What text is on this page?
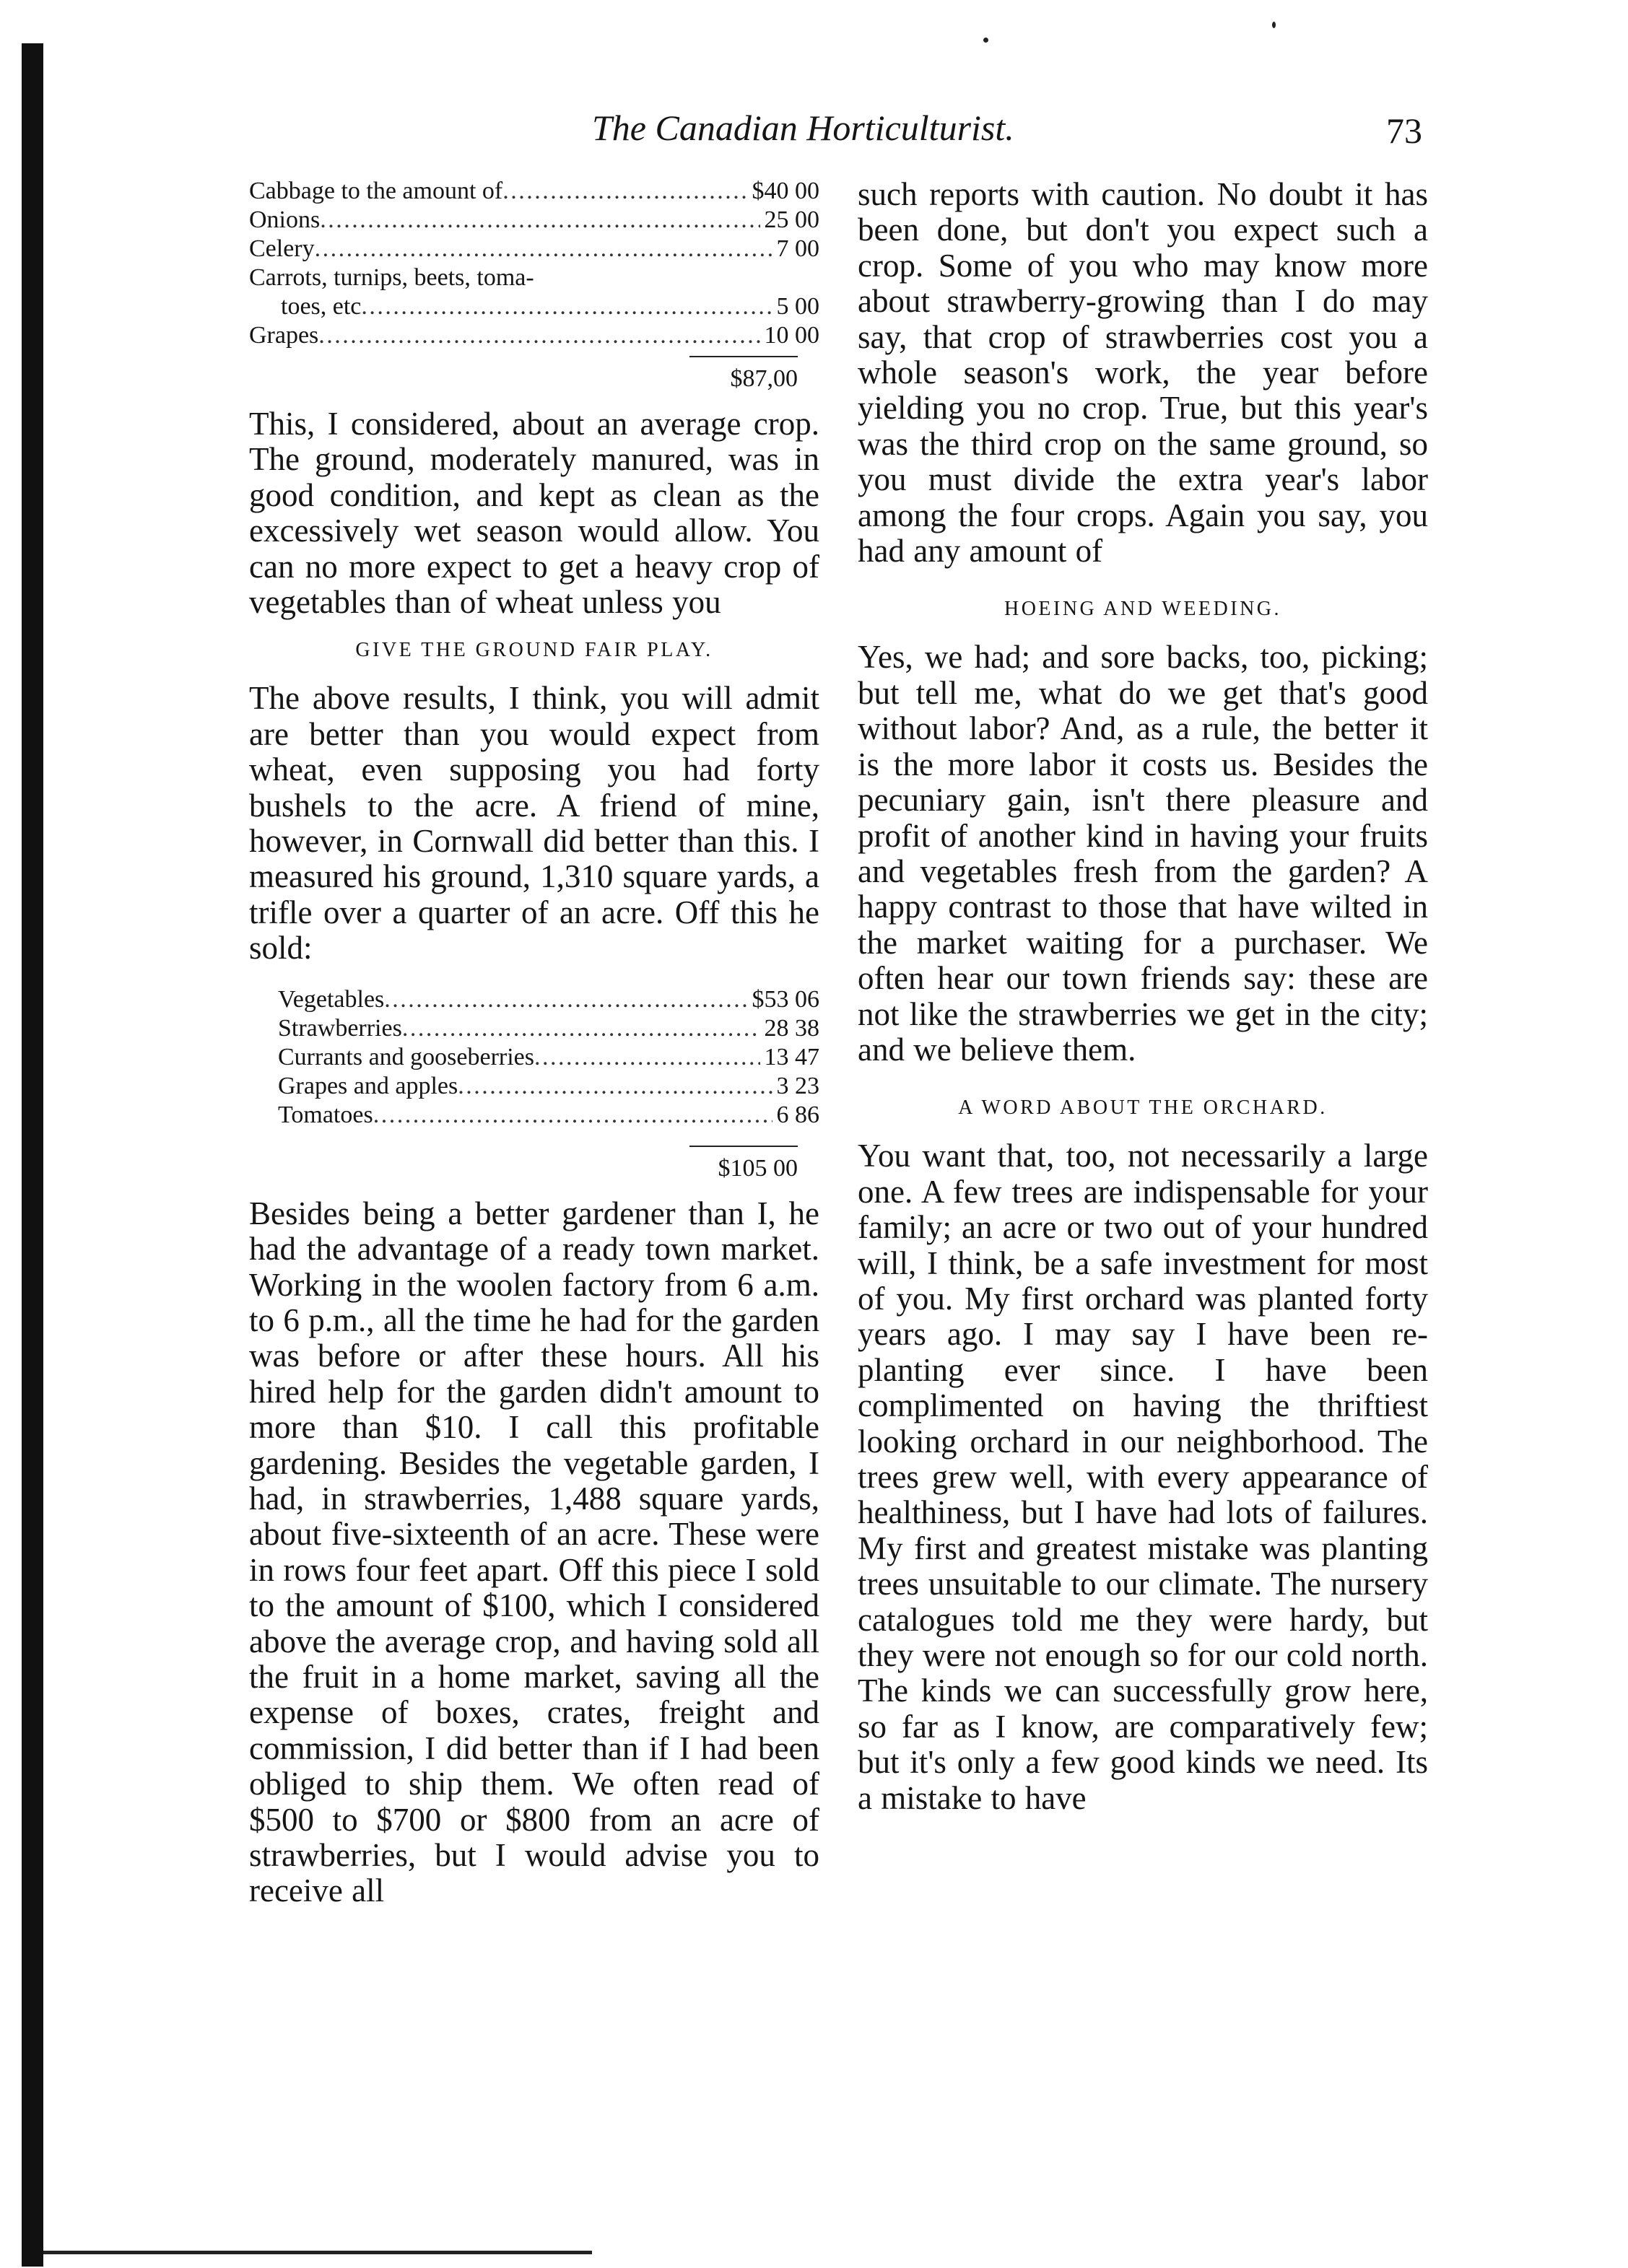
The Canadian Horticulturist.	73
Cabbage to the amount of . . .	$40 00
Onions . . .	25 00
Celery . . .	7 00
Carrots, turnips, beets, toma-
toes, etc . . .	5 00
Grapes . . .	10 00
$87,00

This, I considered, about an average crop. The ground, moderately manured, was in good condition, and kept as clean as the excessively wet season would allow. You can no more expect to get a heavy crop of vegetables than of wheat unless you

GIVE THE GROUND FAIR PLAY.

The above results, I think, you will admit are better than you would expect from wheat, even supposing you had forty bushels to the acre. A friend of mine, however, in Cornwall did better than this. I measured his ground, 1,310 square yards, a trifle over a quarter of an acre. Off this he sold:

Vegetables . . .	$53 06
Strawberries . . .	28 38
Currants and gooseberries . . .	13 47
Grapes and apples . . .	3 23
Tomatoes . . .	6 86
$105 00

Besides being a better gardener than I, he had the advantage of a ready town market. Working in the woolen factory from 6 a.m. to 6 p.m., all the time he had for the garden was before or after these hours. All his hired help for the garden didn't amount to more than $10. I call this profitable gardening. Besides the vegetable garden, I had, in strawberries, 1,488 square yards, about five-sixteenth of an acre. These were in rows four feet apart. Off this piece I sold to the amount of $100, which I considered above the average crop, and having sold all the fruit in a home market, saving all the expense of boxes, crates, freight and commission, I did better than if I had been obliged to ship them. We often read of $500 to $700 or $800 from an acre of strawberries, but I would advise you to receive all

such reports with caution. No doubt it has been done, but don't you expect such a crop. Some of you who may know more about strawberry-growing than I do may say, that crop of strawberries cost you a whole season's work, the year before yielding you no crop. True, but this year's was the third crop on the same ground, so you must divide the extra year's labor among the four crops. Again you say, you had any amount of

HOEING AND WEEDING.

Yes, we had; and sore backs, too, picking; but tell me, what do we get that's good without labor? And, as a rule, the better it is the more labor it costs us. Besides the pecuniary gain, isn't there pleasure and profit of another kind in having your fruits and vegetables fresh from the garden? A happy contrast to those that have wilted in the market waiting for a purchaser. We often hear our town friends say: these are not like the strawberries we get in the city; and we believe them.

A WORD ABOUT THE ORCHARD.

You want that, too, not necessarily a large one. A few trees are indispensable for your family; an acre or two out of your hundred will, I think, be a safe investment for most of you. My first orchard was planted forty years ago. I may say I have been re-planting ever since. I have been complimented on having the thriftiest looking orchard in our neighborhood. The trees grew well, with every appearance of healthiness, but I have had lots of failures. My first and greatest mistake was planting trees unsuitable to our climate. The nursery catalogues told me they were hardy, but they were not enough so for our cold north. The kinds we can successfully grow here, so far as I know, are comparatively few; but it's only a few good kinds we need. Its a mistake to have
